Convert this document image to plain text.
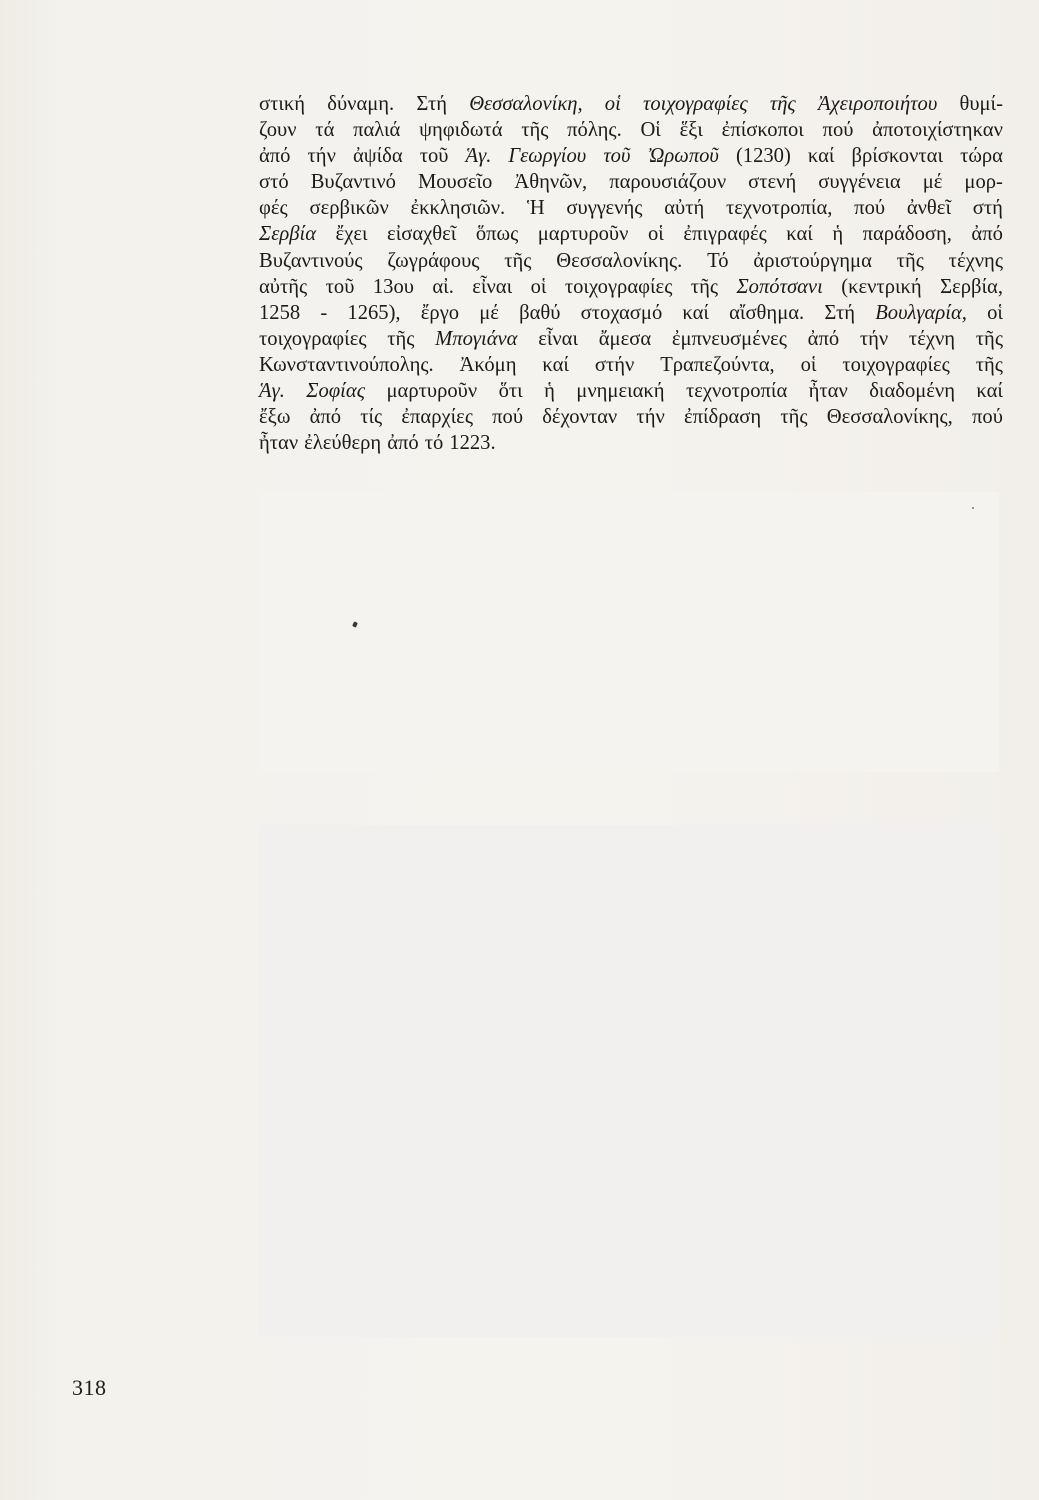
στική δύναμη. Στή Θεσσαλονίκη, οἱ τοιχογραφίες τῆς Ἀχειροποιήτου θυμί-
ζουν τά παλιά ψηφιδωτά τῆς πόλης. Οἱ ἕξι ἐπίσκοποι πού ἀποτοιχίστηκαν
ἀπό τήν ἀψίδα τοῦ Ἁγ. Γεωργίου τοῦ Ὠρωποῦ (1230) καί βρίσκονται τώρα
στό Βυζαντινό Μουσεῖο Ἀθηνῶν, παρουσιάζουν στενή συγγένεια μέ μορ-
φές σερβικῶν ἐκκλησιῶν. Ἡ συγγενής αὐτή τεχνοτροπία, πού ἀνθεῖ στή
Σερβία ἔχει εἰσαχθεῖ ὅπως μαρτυροῦν οἱ ἐπιγραφές καί ἡ παράδοση, ἀπό
Βυζαντινούς ζωγράφους τῆς Θεσσαλονίκης. Τό ἀριστούργημα τῆς τέχνης
αὐτῆς τοῦ 13ου αἰ. εἶναι οἱ τοιχογραφίες τῆς Σοπότσανι (κεντρική Σερβία,
1258 - 1265), ἔργο μέ βαθύ στοχασμό καί αἴσθημα. Στή Βουλγαρία, οἱ
τοιχογραφίες τῆς Μπογιάνα εἶναι ἄμεσα ἐμπνευσμένες ἀπό τήν τέχνη τῆς
Κωνσταντινούπολης. Ἀκόμη καί στήν Τραπεζούντα, οἱ τοιχογραφίες τῆς
Ἁγ. Σοφίας μαρτυροῦν ὅτι ἡ μνημειακή τεχνοτροπία ἦταν διαδομένη καί
ἔξω ἀπό τίς ἐπαρχίες πού δέχονταν τήν ἐπίδραση τῆς Θεσσαλονίκης, πού
ἦταν ἐλεύθερη ἀπό τό 1223.
318
